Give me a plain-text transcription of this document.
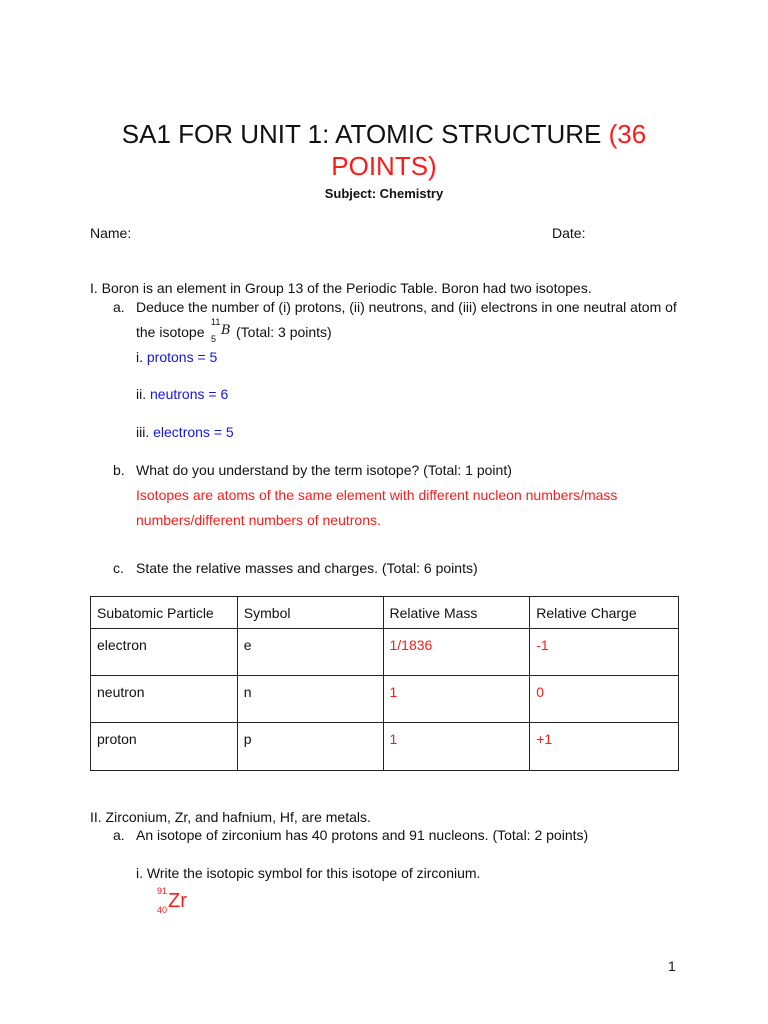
SA1 FOR UNIT 1: ATOMIC STRUCTURE (36
POINTS)
Subject: Chemistry
Name:	Date:
I. Boron is an element in Group 13 of the Periodic Table. Boron had two isotopes.
a. Deduce the number of (i) protons, (ii) neutrons, and (iii) electrons in one neutral atom of
the isotope
11
5
B (Total: 3 points)
i. protons = 5
ii. neutrons = 6
iii. electrons = 5
b. What do you understand by the term isotope? (Total: 1 point)
Isotopes are atoms of the same element with different nucleon numbers/mass
numbers/different numbers of neutrons.
c. State the relative masses and charges. (Total: 6 points)
Subatomic Particle	Symbol	Relative Mass	Relative Charge
electron	e	1/1836	-1
neutron	n	1	0
proton	p	1	+1
II. Zirconium, Zr, and hafnium, Hf, are metals.
a. An isotope of zirconium has 40 protons and 91 nucleons. (Total: 2 points)
i. Write the isotopic symbol for this isotope of zirconium.
91
40 Zr
1
